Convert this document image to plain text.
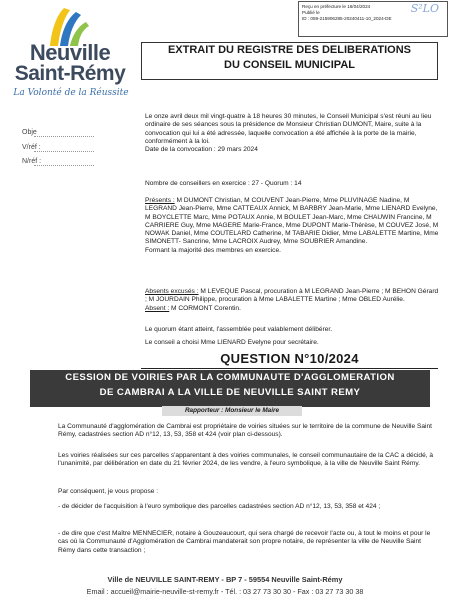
Neuville
Saint-Rémy
La Volonté de la Réussite
Reçu en préfecture le 16/04/2024
Publié le
ID : 059-215906285-20240411-10_2024-DE
S²LO
Obje
V/réf :
N/réf :
EXTRAIT DU REGISTRE DES DELIBERATIONS
DU CONSEIL MUNICIPAL

Le onze avril deux mil vingt-quatre à 18 heures 30 minutes, le Conseil Municipal s'est réuni au lieu ordinaire de ses séances sous la présidence de Monsieur Christian DUMONT, Maire, suite à la convocation qui lui a été adressée, laquelle convocation a été affichée à la porte de la mairie, conformément à la loi.

Date de la convocation : 29 mars 2024

Nombre de conseillers en exercice : 27 - Quorum : 14

Présents : M DUMONT Christian, M COUVENT Jean-Pierre, Mme PLUVINAGE Nadine, M LEGRAND Jean-Pierre, Mme CATTEAUX Annick, M BARBRY Jean-Marie, Mme LIENARD Evelyne, M BOYCLETTE Marc, Mme POTAUX Annie, M BOULET Jean-Marc, Mme CHAUWIN Francine, M CARRIERE Guy, Mme MAGERE Marie-France, Mme DUPONT Marie-Thérèse, M COUVEZ José, M NOWAK Daniel, Mme COUTELARD Catherine, M TABARIE Didier, Mme LABALETTE Martine, Mme SIMONETT- Sancrine, Mme LACROIX Audrey, Mme SOUBRIER Amandine.

Formant la majorité des membres en exercice.

Absents excusés : M LEVEQUE Pascal, procuration à M LEGRAND Jean-Pierre ; M BEHON Gérard ; M JOURDAIN Philippe, procuration à Mme LABALETTE Martine ; Mme OBLED Aurélie.

Absent : M CORMONT Corentin.

Le quorum étant atteint, l'assemblée peut valablement délibérer.
Le conseil a choisi Mme LIENARD Evelyne pour secrétaire.
QUESTION N°10/2024
CESSION DE VOIRIES PAR LA COMMUNAUTE D'AGGLOMERATION
DE CAMBRAI A LA VILLE DE NEUVILLE SAINT REMY
Rapporteur : Monsieur le Maire
La Communauté d'agglomération de Cambrai est propriétaire de voiries situées sur le territoire de la commune de Neuville Saint Rémy, cadastrées section AD n°12, 13, 53, 358 et 424 (voir plan ci-dessous).
Les voiries réalisées sur ces parcelles s'apparentant à des voiries communales, le conseil communautaire de la CAC a décidé, à l'unanimité, par délibération en date du 21 février 2024, de les vendre, à l'euro symbolique, à la ville de Neuville Saint Rémy.
Par conséquent, je vous propose :
- de décider de l'acquisition à l'euro symbolique des parcelles cadastrées section AD n°12, 13, 53, 358 et 424 ;
- de dire que c'est Maître MENNECIER, notaire à Gouzeaucourt, qui sera chargé de recevoir l'acte ou, à tout le moins et pour le cas où la Communauté d'Agglomération de Cambrai mandaterait son propre notaire, de représenter la ville de Neuville Saint Rémy dans cette transaction ;
Ville de NEUVILLE SAINT-REMY - BP 7 - 59554 Neuville Saint-Rémy
Email : accueil@mairie-neuville-st-remy.fr - Tél. : 03 27 73 30 30 - Fax : 03 27 73 30 38
